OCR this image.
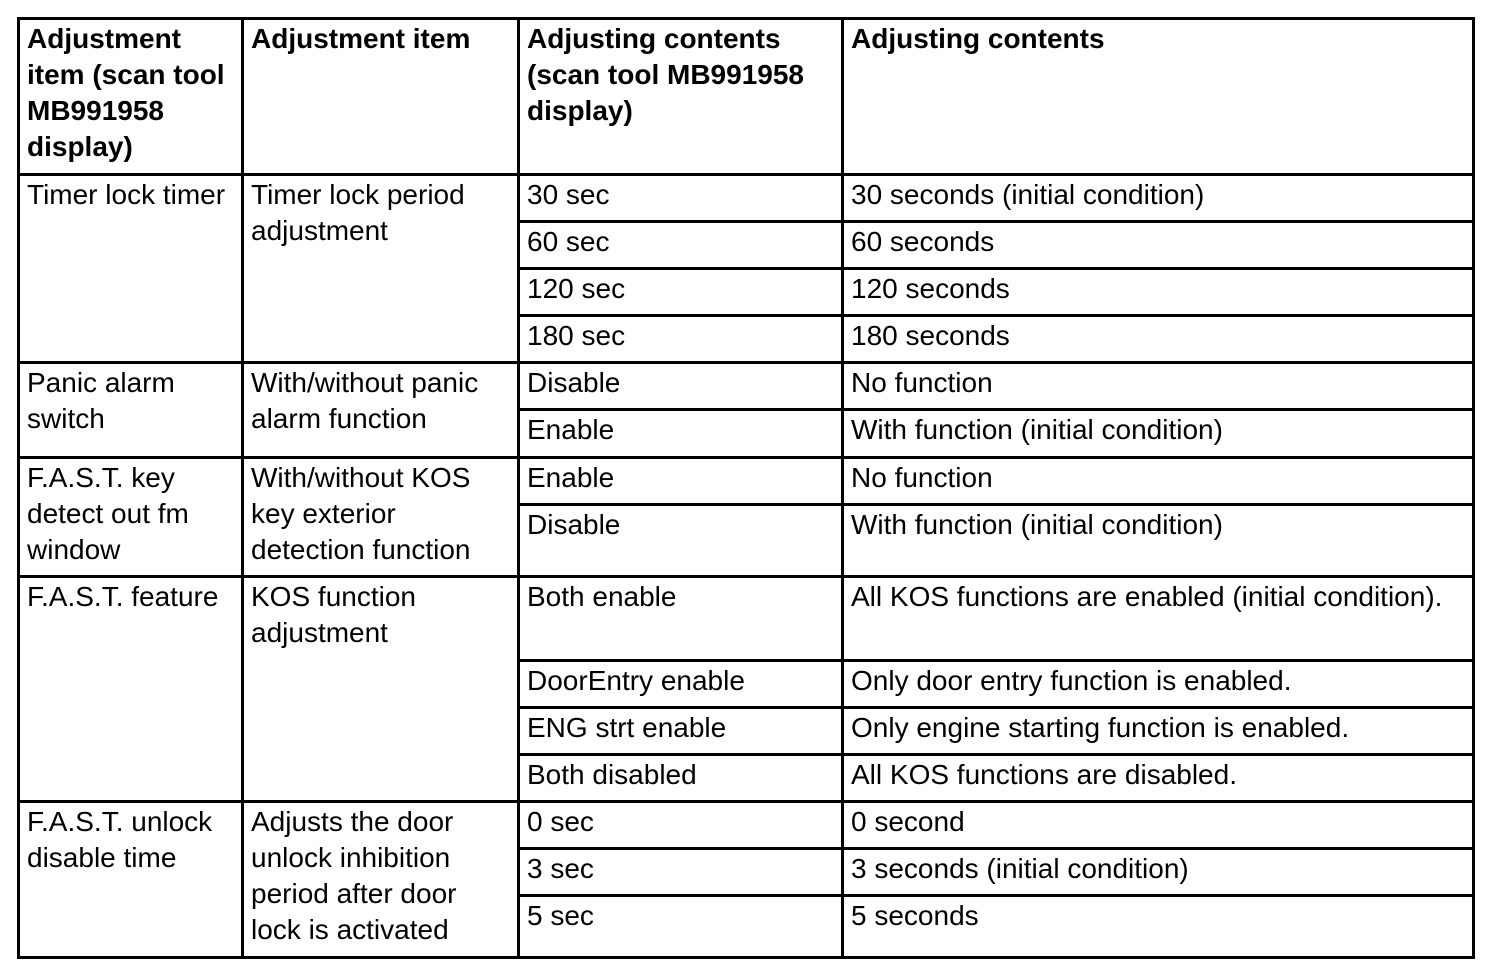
Adjustment item (scan tool MB991958 display)	Adjustment item	Adjusting contents (scan tool MB991958 display)	Adjusting contents
Timer lock timer	Timer lock period adjustment	30 sec	30 seconds (initial condition)
		60 sec	60 seconds
		120 sec	120 seconds
		180 sec	180 seconds
Panic alarm switch	With/without panic alarm function	Disable	No function
		Enable	With function (initial condition)
F.A.S.T. key detect out fm window	With/without KOS key exterior detection function	Enable	No function
		Disable	With function (initial condition)
F.A.S.T. feature	KOS function adjustment	Both enable	All KOS functions are enabled (initial condition).
		DoorEntry enable	Only door entry function is enabled.
		ENG strt enable	Only engine starting function is enabled.
		Both disabled	All KOS functions are disabled.
F.A.S.T. unlock disable time	Adjusts the door unlock inhibition period after door lock is activated	0 sec	0 second
		3 sec	3 seconds (initial condition)
		5 sec	5 seconds
